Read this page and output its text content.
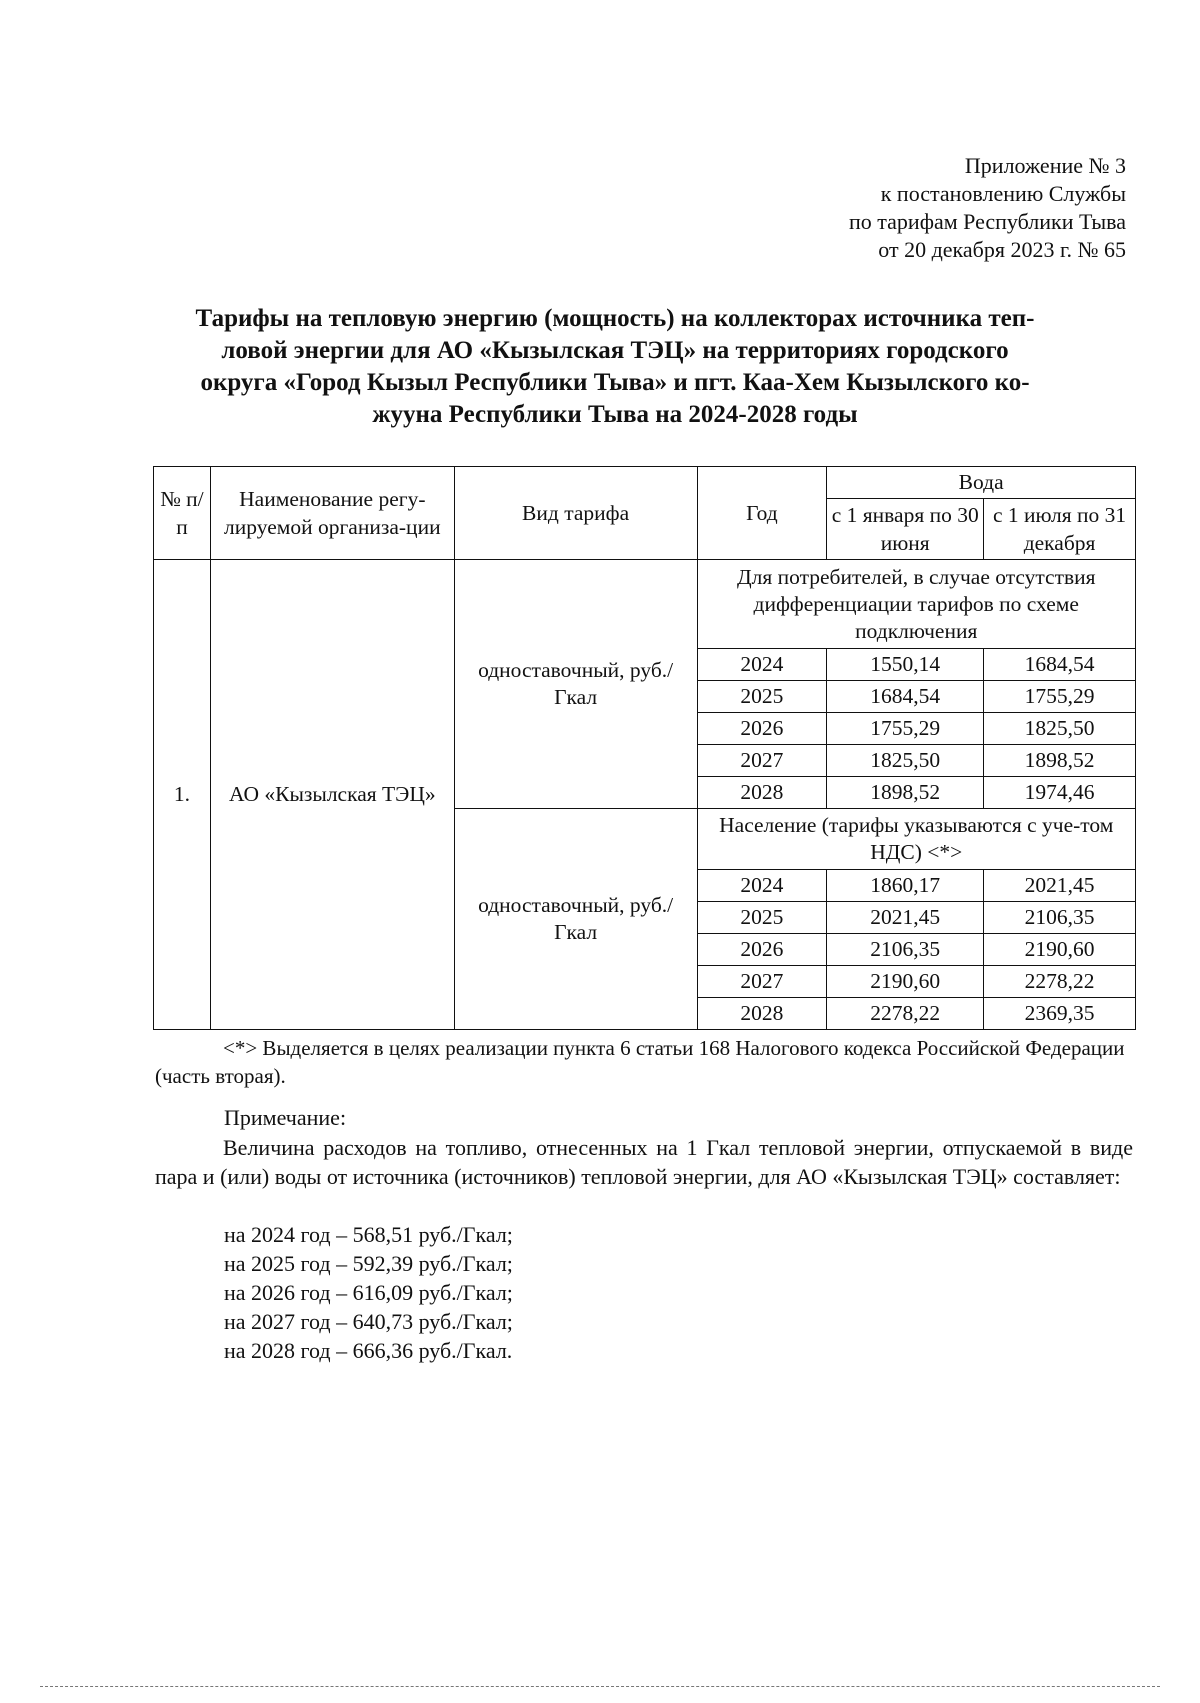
Приложение № 3
к постановлению Службы
по тарифам Республики Тыва
от 20 декабря 2023 г. № 65
Тарифы на тепловую энергию (мощность) на коллекторах источника теп-
ловой энергии для АО «Кызылская ТЭЦ» на территориях городского
округа «Город Кызыл Республики Тыва» и пгт. Каа-Хем Кызылского ко-
жууна Республики Тыва на 2024-2028 годы
№ п/п	Наименование регу-лируемой организа-ции	Вид тарифа	Год	Вода	
				с 1 января по 30 июня	с 1 июля по 31 декабря

1.	АО «Кызылская ТЭЦ»	одноставочный, руб./Гкал	Для потребителей, в случае отсутствия дифференциации тарифов по схеме подключения		
			2024	1550,14	1684,54
			2025	1684,54	1755,29
			2026	1755,29	1825,50
			2027	1825,50	1898,52
			2028	1898,52	1974,46
		одноставочный, руб./Гкал	Население (тарифы указываются с уче-том НДС) <*>		
			2024	1860,17	2021,45
			2025	2021,45	2106,35
			2026	2106,35	2190,60
			2027	2190,60	2278,22
			2028	2278,22	2369,35
<*> Выделяется в целях реализации пункта 6 статьи 168 Налогового кодекса Российской Федерации (часть вторая).
Примечание:
Величина расходов на топливо, отнесенных на 1 Гкал тепловой энергии, отпускаемой в виде пара и (или) воды от источника (источников) тепловой энергии, для АО «Кызылская ТЭЦ» составляет:
на 2024 год – 568,51 руб./Гкал;
на 2025 год – 592,39 руб./Гкал;
на 2026 год – 616,09 руб./Гкал;
на 2027 год – 640,73 руб./Гкал;
на 2028 год – 666,36 руб./Гкал.
